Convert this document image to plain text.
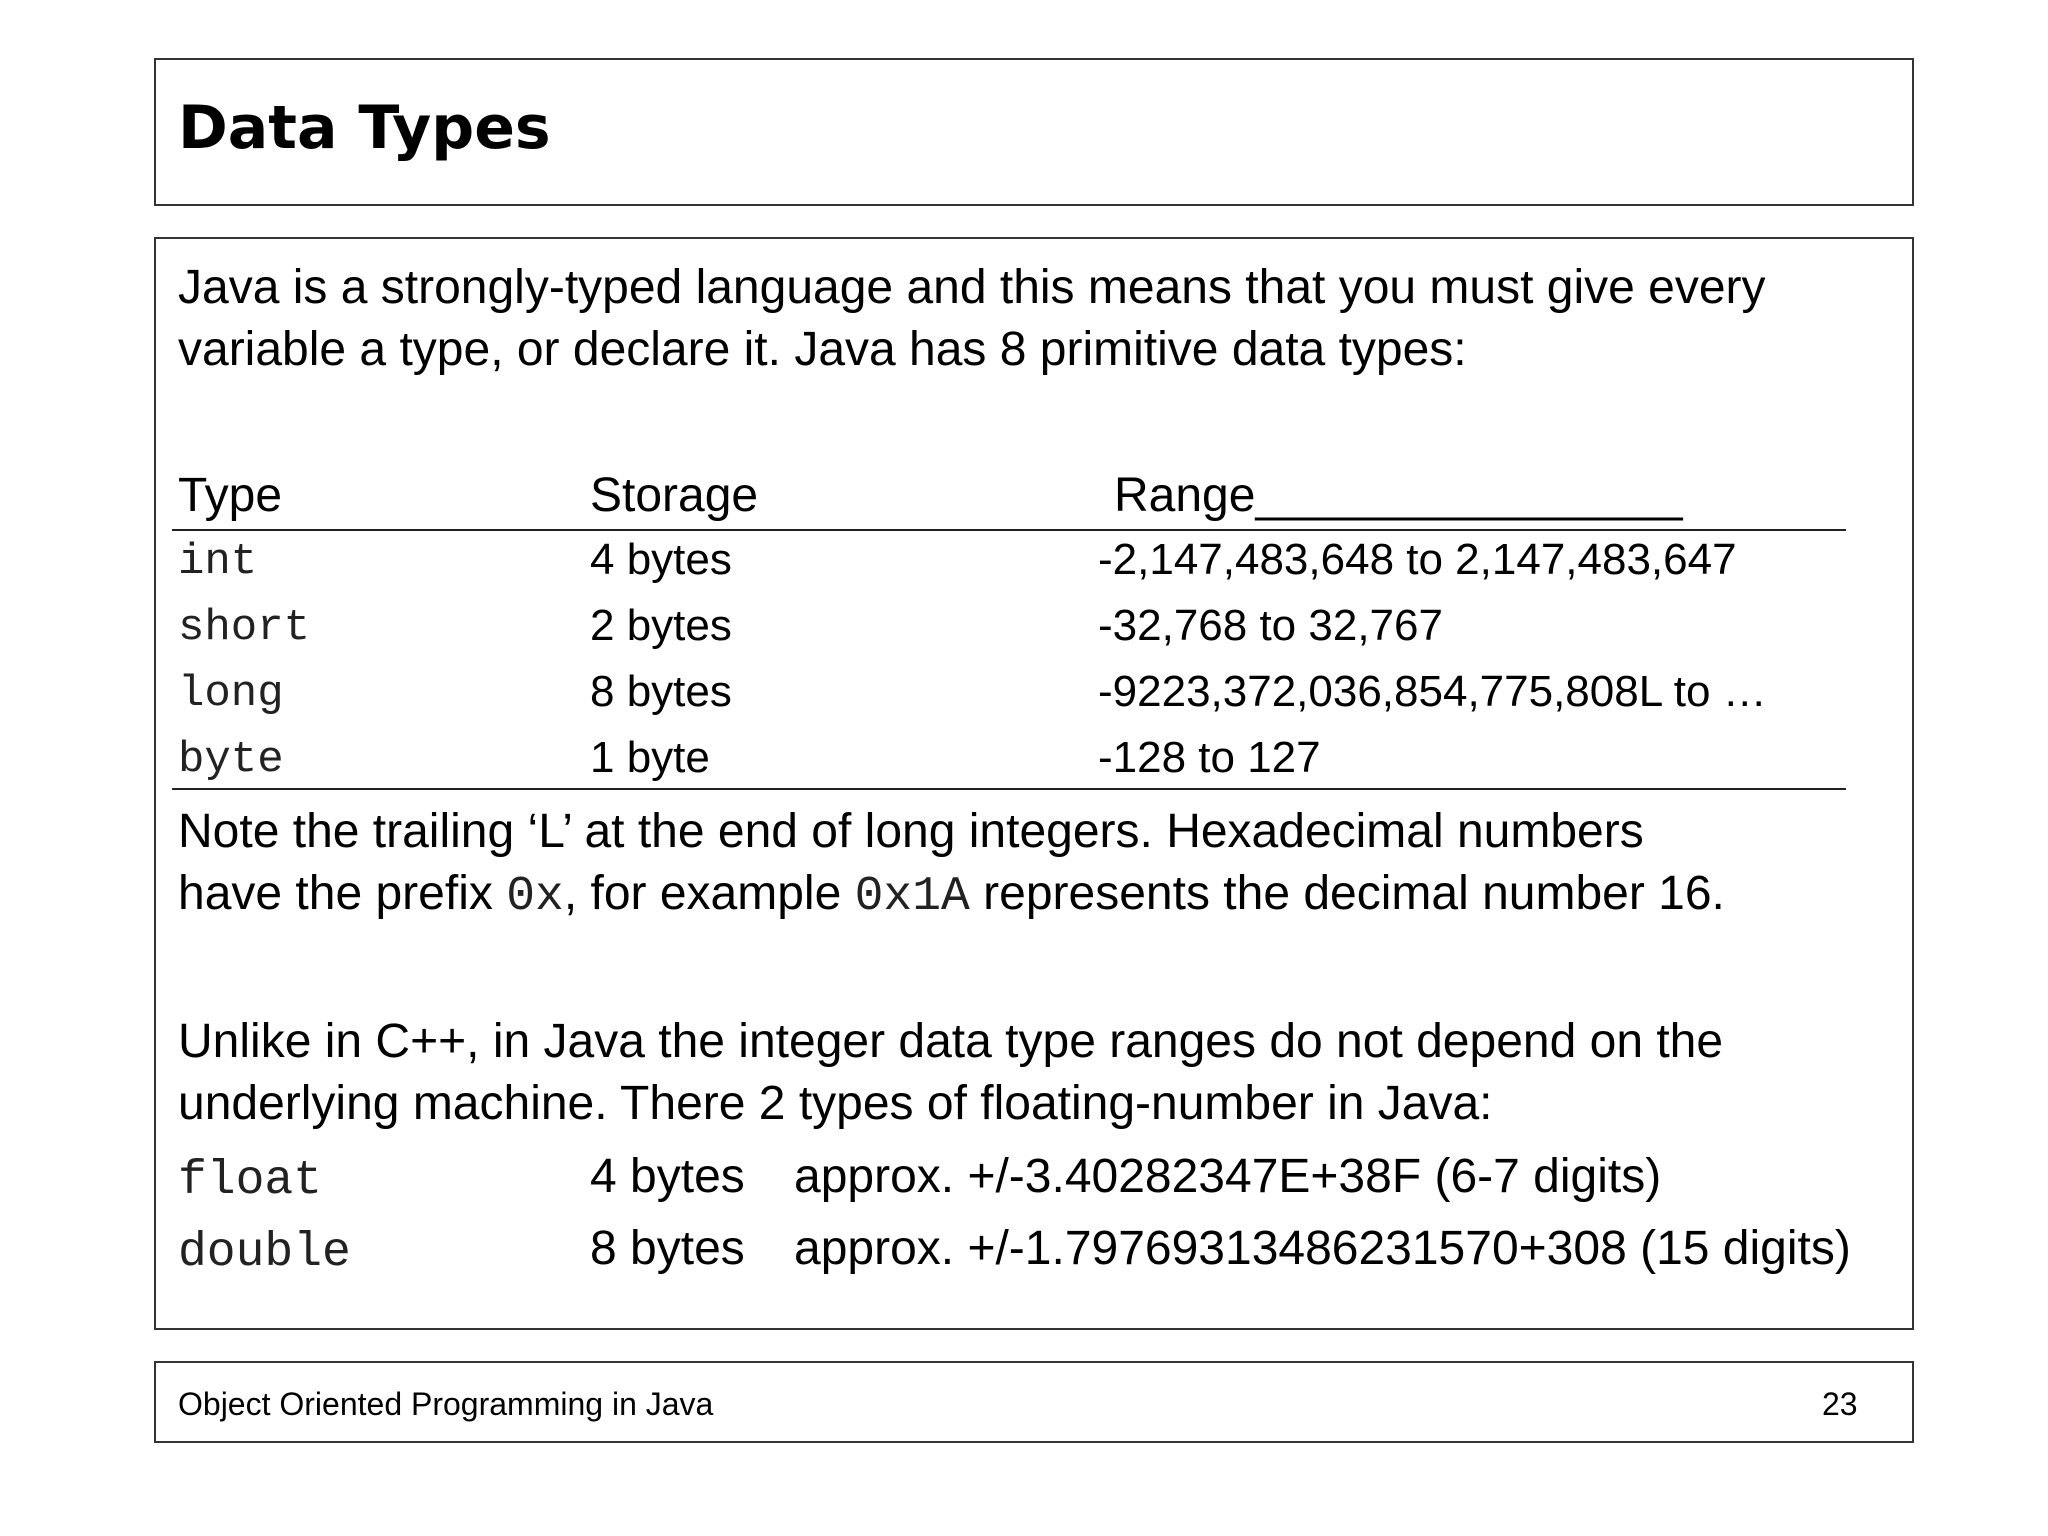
Data Types
Java is a strongly-typed language and this means that you must give every
variable a type, or declare it. Java has 8 primitive data types:
Type	Storage	Range________________
int	4 bytes	-2,147,483,648 to 2,147,483,647
short	2 bytes	-32,768 to 32,767
long	8 bytes	-9223,372,036,854,775,808L to …
byte	1 byte	-128 to 127
Note the trailing ‘L’ at the end of long integers. Hexadecimal numbers
have the prefix 0x, for example 0x1A represents the decimal number 16.
Unlike in C++, in Java the integer data type ranges do not depend on the
underlying machine. There 2 types of floating-number in Java:
float	4 bytes approx. +/-3.40282347E+38F (6-7 digits)
double	8 bytes approx. +/-1.79769313486231570+308 (15 digits)
Object Oriented Programming in Java	23
